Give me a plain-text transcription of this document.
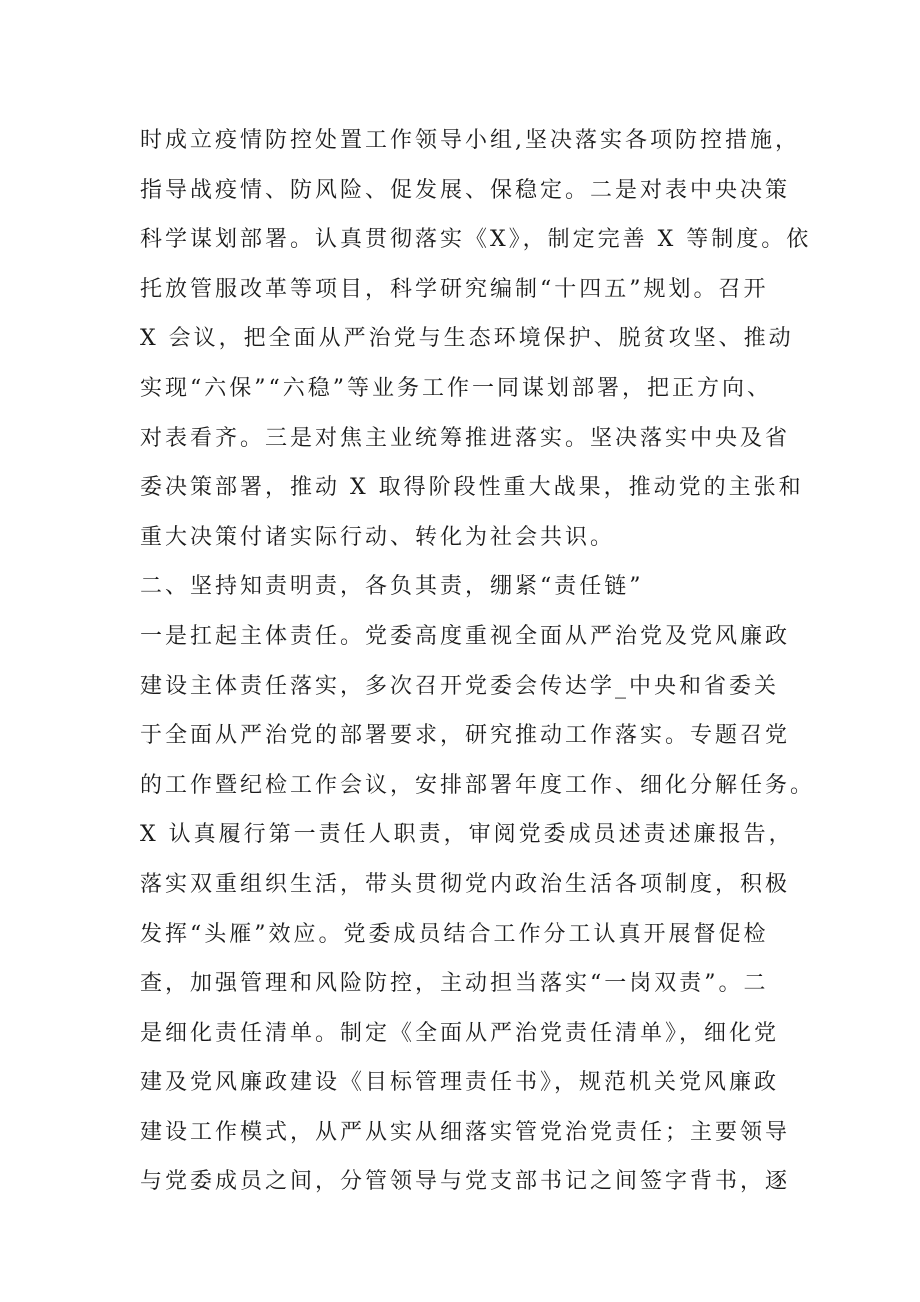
时成立疫情防控处置工作领导小组,坚决落实各项防控措施，
指导战疫情、防风险、促发展、保稳定。二是对表中央决策
科学谋划部署。认真贯彻落实《X》，制定完善 X 等制度。依
托放管服改革等项目，科学研究编制“十四五”规划。召开
X 会议，把全面从严治党与生态环境保护、脱贫攻坚、推动
实现“六保”“六稳”等业务工作一同谋划部署，把正方向、
对表看齐。三是对焦主业统筹推进落实。坚决落实中央及省
委决策部署，推动 X 取得阶段性重大战果，推动党的主张和
重大决策付诸实际行动、转化为社会共识。
二、坚持知责明责，各负其责，绷紧“责任链”
一是扛起主体责任。党委高度重视全面从严治党及党风廉政
建设主体责任落实，多次召开党委会传达学_中央和省委关
于全面从严治党的部署要求，研究推动工作落实。专题召党
的工作暨纪检工作会议，安排部署年度工作、细化分解任务。
X 认真履行第一责任人职责，审阅党委成员述责述廉报告，
落实双重组织生活，带头贯彻党内政治生活各项制度，积极
发挥“头雁”效应。党委成员结合工作分工认真开展督促检
查，加强管理和风险防控，主动担当落实“一岗双责”。二
是细化责任清单。制定《全面从严治党责任清单》，细化党
建及党风廉政建设《目标管理责任书》，规范机关党风廉政
建设工作模式，从严从实从细落实管党治党责任；主要领导
与党委成员之间，分管领导与党支部书记之间签字背书，逐
